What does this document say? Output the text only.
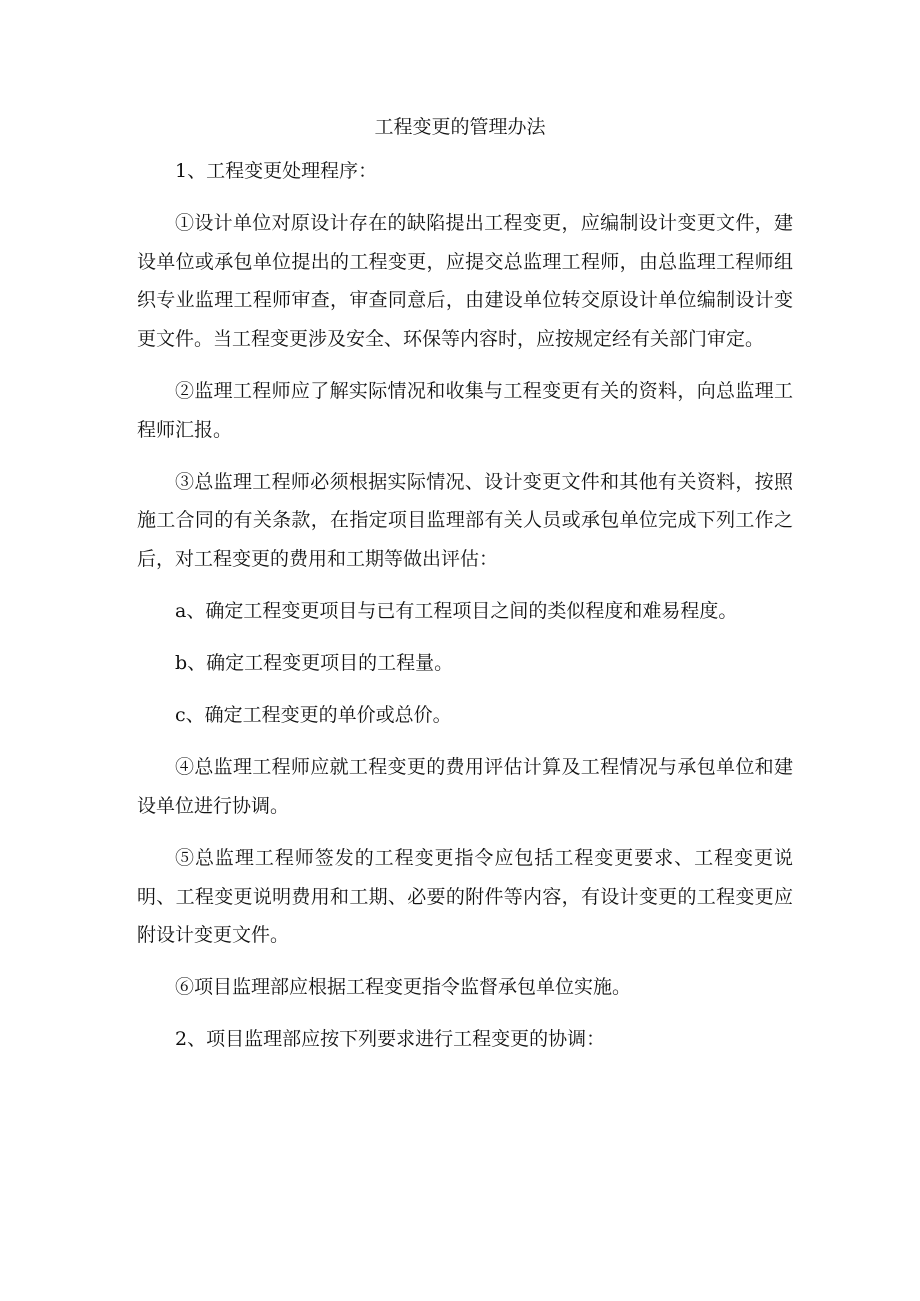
工程变更的管理办法

1、工程变更处理程序：

①设计单位对原设计存在的缺陷提出工程变更，应编制设计变更文件，建设单位或承包单位提出的工程变更，应提交总监理工程师，由总监理工程师组织专业监理工程师审查，审查同意后，由建设单位转交原设计单位编制设计变更文件。当工程变更涉及安全、环保等内容时，应按规定经有关部门审定。

②监理工程师应了解实际情况和收集与工程变更有关的资料，向总监理工程师汇报。

③总监理工程师必须根据实际情况、设计变更文件和其他有关资料，按照施工合同的有关条款，在指定项目监理部有关人员或承包单位完成下列工作之后，对工程变更的费用和工期等做出评估：

a、确定工程变更项目与已有工程项目之间的类似程度和难易程度。

b、确定工程变更项目的工程量。

c、确定工程变更的单价或总价。

④总监理工程师应就工程变更的费用评估计算及工程情况与承包单位和建设单位进行协调。

⑤总监理工程师签发的工程变更指令应包括工程变更要求、工程变更说明、工程变更说明费用和工期、必要的附件等内容，有设计变更的工程变更应附设计变更文件。

⑥项目监理部应根据工程变更指令监督承包单位实施。

2、项目监理部应按下列要求进行工程变更的协调：
